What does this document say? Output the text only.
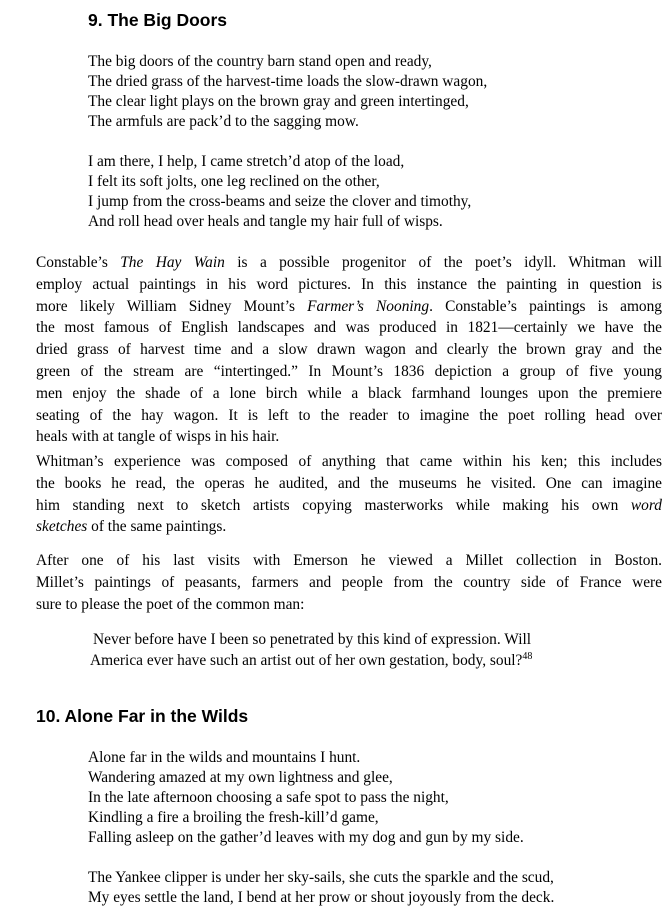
9. The Big Doors
The big doors of the country barn stand open and ready,
The dried grass of the harvest-time loads the slow-drawn wagon,
The clear light plays on the brown gray and green intertinged,
The armfuls are pack’d to the sagging mow.
I am there, I help, I came stretch’d atop of the load,
I felt its soft jolts, one leg reclined on the other,
I jump from the cross-beams and seize the clover and timothy,
And roll head over heals and tangle my hair full of wisps.
Constable’s The Hay Wain is a possible progenitor of the poet’s idyll. Whitman will
employ actual paintings in his word pictures. In this instance the painting in question is
more likely William Sidney Mount’s Farmer’s Nooning. Constable’s paintings is among
the most famous of English landscapes and was produced in 1821—certainly we have the
dried grass of harvest time and a slow drawn wagon and clearly the brown gray and the
green of the stream are “intertinged.” In Mount’s 1836 depiction a group of five young
men enjoy the shade of a lone birch while a black farmhand lounges upon the premiere
seating of the hay wagon. It is left to the reader to imagine the poet rolling head over
heals with at tangle of wisps in his hair.
Whitman’s experience was composed of anything that came within his ken; this includes
the books he read, the operas he audited, and the museums he visited. One can imagine
him standing next to sketch artists copying masterworks while making his own word
sketches of the same paintings.
After one of his last visits with Emerson he viewed a Millet collection in Boston.
Millet’s paintings of peasants, farmers and people from the country side of France were
sure to please the poet of the common man:
Never before have I been so penetrated by this kind of expression. Will
America ever have such an artist out of her own gestation, body, soul?$^{48}$
10. Alone Far in the Wilds
Alone far in the wilds and mountains I hunt.
Wandering amazed at my own lightness and glee,
In the late afternoon choosing a safe spot to pass the night,
Kindling a fire a broiling the fresh-kill’d game,
Falling asleep on the gather’d leaves with my dog and gun by my side.
The Yankee clipper is under her sky-sails, she cuts the sparkle and the scud,
My eyes settle the land, I bend at her prow or shout joyously from the deck.
